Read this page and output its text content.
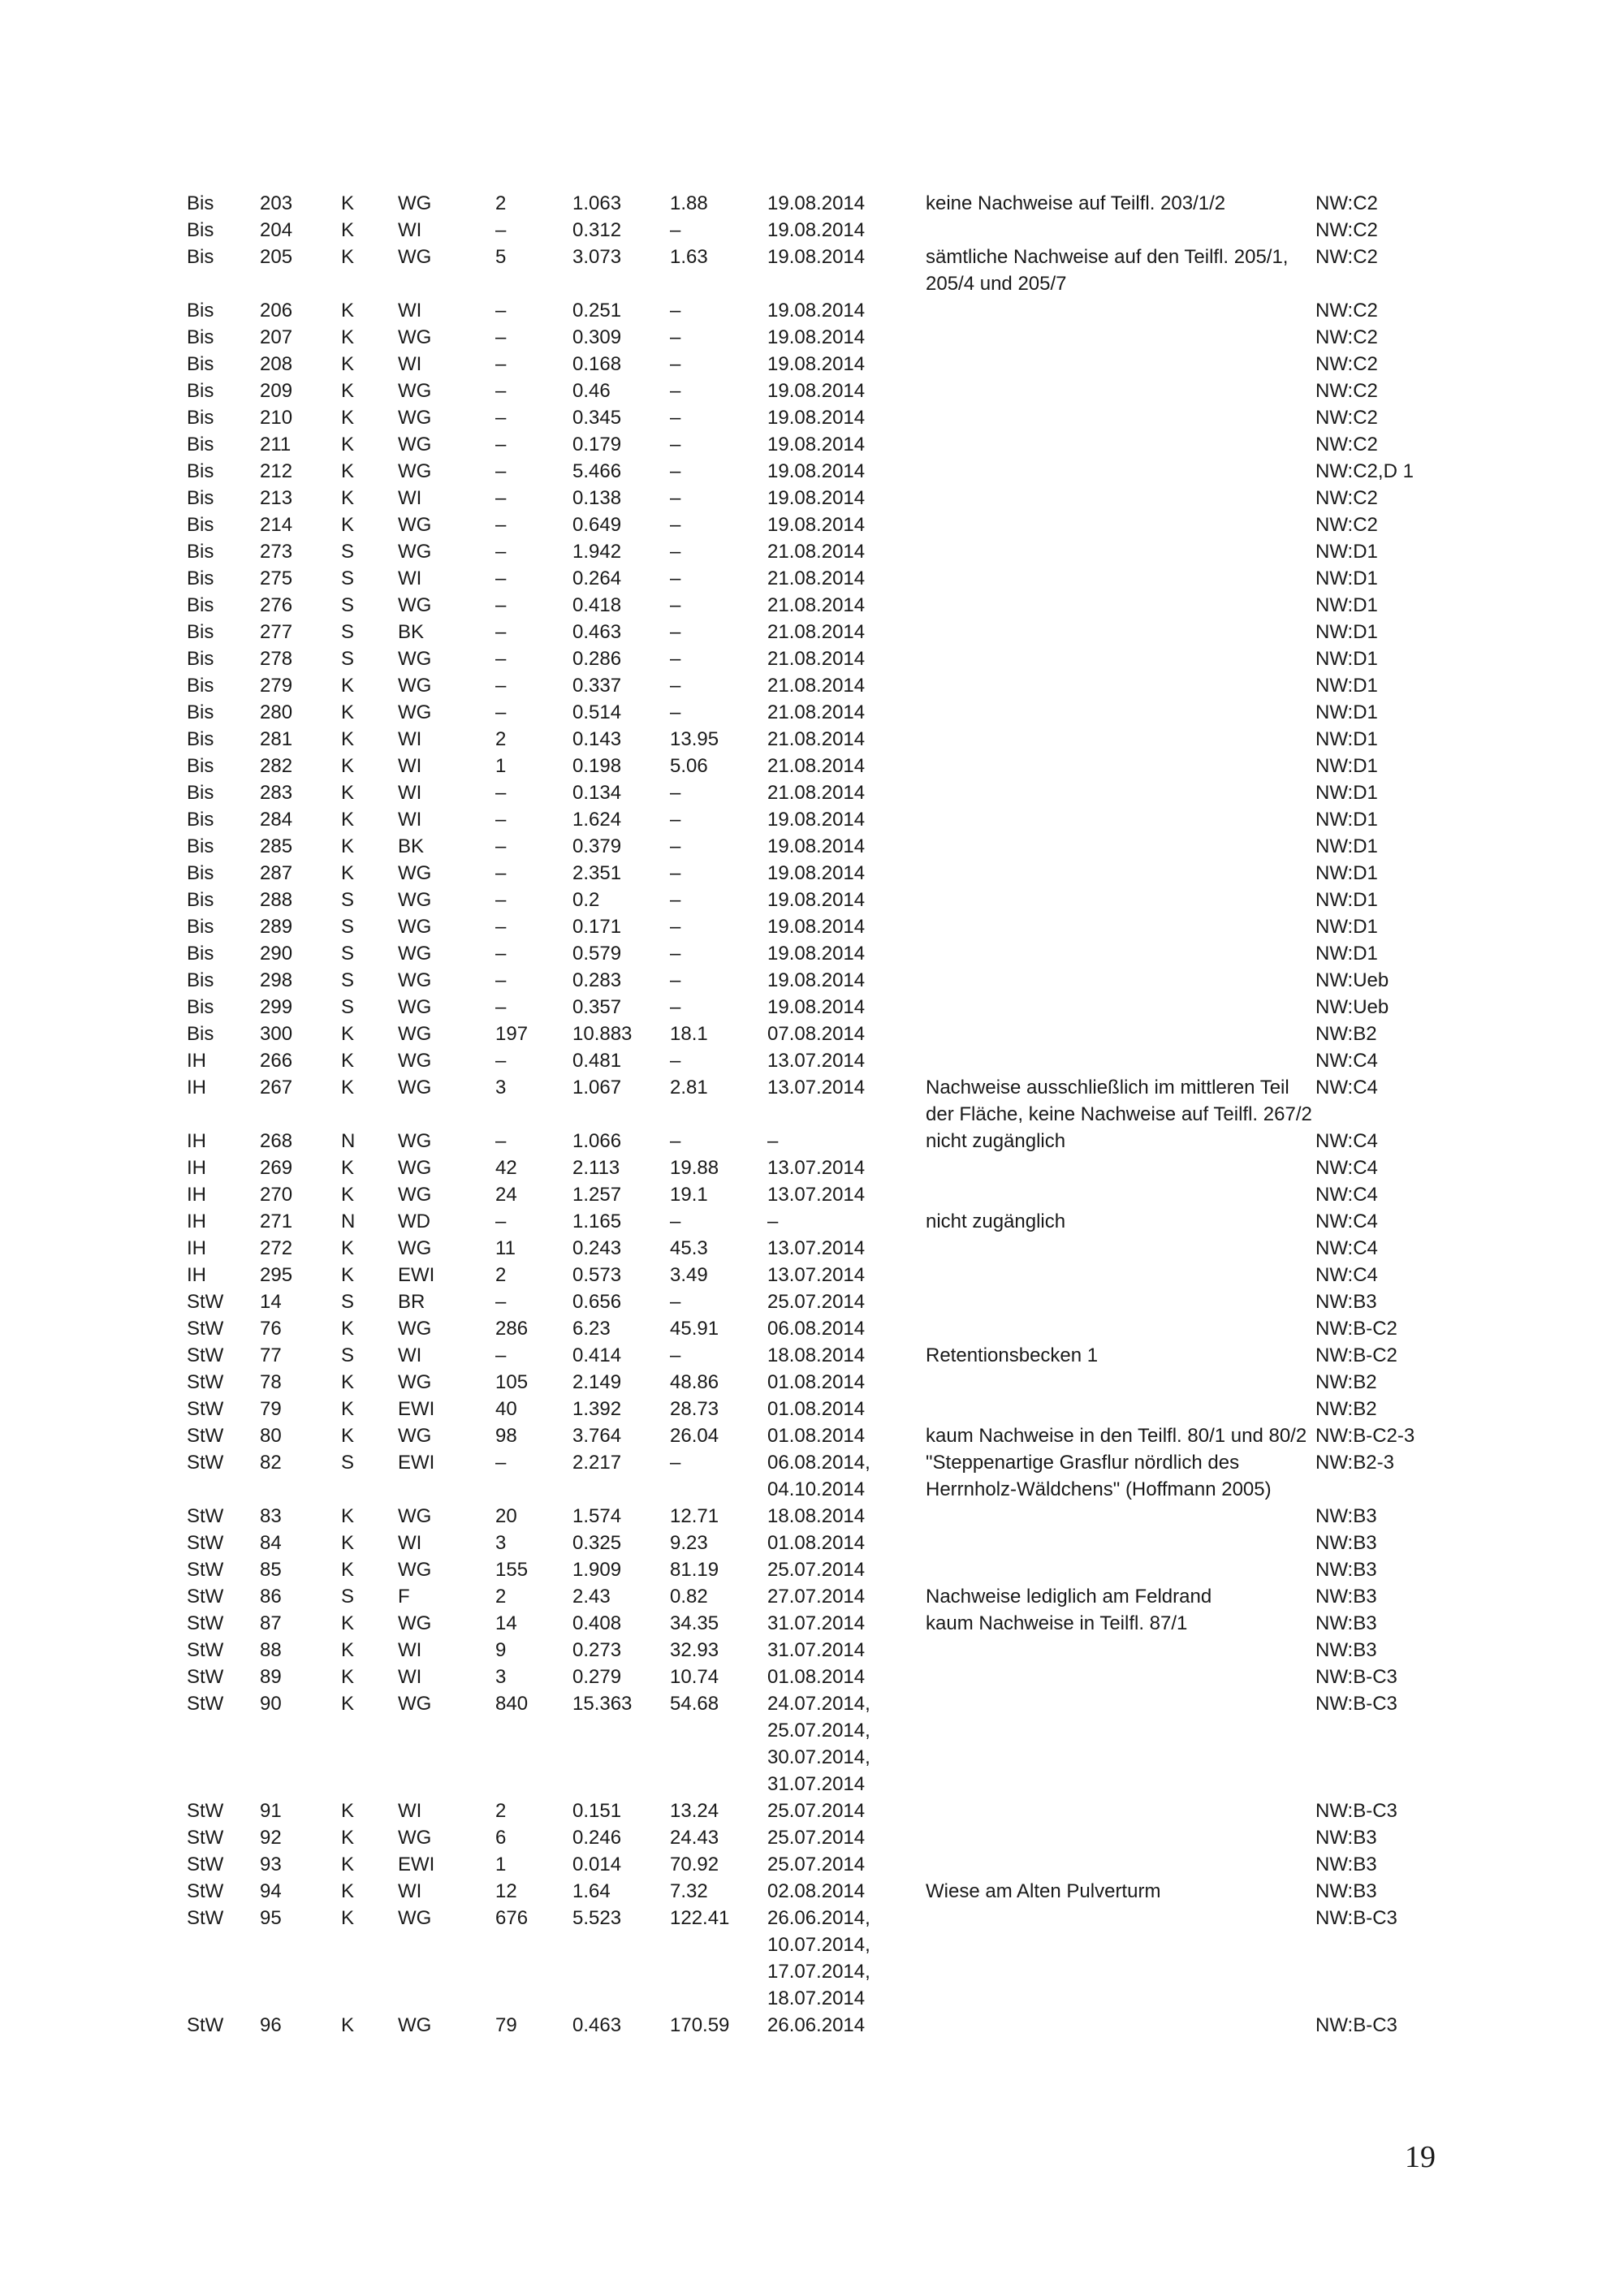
Bis	203	K	WG	2	1.063	1.88	19.08.2014	keine Nachweise auf Teilfl. 203/1/2	NW:C2
Bis	204	K	WI	–	0.312	–	19.08.2014		NW:C2
Bis	205	K	WG	5	3.073	1.63	19.08.2014	sämtliche Nachweise auf den Teilfl. 205/1, 205/4 und 205/7	NW:C2
Bis	206	K	WI	–	0.251	–	19.08.2014		NW:C2
Bis	207	K	WG	–	0.309	–	19.08.2014		NW:C2
Bis	208	K	WI	–	0.168	–	19.08.2014		NW:C2
Bis	209	K	WG	–	0.46	–	19.08.2014		NW:C2
Bis	210	K	WG	–	0.345	–	19.08.2014		NW:C2
Bis	211	K	WG	–	0.179	–	19.08.2014		NW:C2
Bis	212	K	WG	–	5.466	–	19.08.2014		NW:C2,D 1
Bis	213	K	WI	–	0.138	–	19.08.2014		NW:C2
Bis	214	K	WG	–	0.649	–	19.08.2014		NW:C2
Bis	273	S	WG	–	1.942	–	21.08.2014		NW:D1
Bis	275	S	WI	–	0.264	–	21.08.2014		NW:D1
Bis	276	S	WG	–	0.418	–	21.08.2014		NW:D1
Bis	277	S	BK	–	0.463	–	21.08.2014		NW:D1
Bis	278	S	WG	–	0.286	–	21.08.2014		NW:D1
Bis	279	K	WG	–	0.337	–	21.08.2014		NW:D1
Bis	280	K	WG	–	0.514	–	21.08.2014		NW:D1
Bis	281	K	WI	2	0.143	13.95	21.08.2014		NW:D1
Bis	282	K	WI	1	0.198	5.06	21.08.2014		NW:D1
Bis	283	K	WI	–	0.134	–	21.08.2014		NW:D1
Bis	284	K	WI	–	1.624	–	19.08.2014		NW:D1
Bis	285	K	BK	–	0.379	–	19.08.2014		NW:D1
Bis	287	K	WG	–	2.351	–	19.08.2014		NW:D1
Bis	288	S	WG	–	0.2	–	19.08.2014		NW:D1
Bis	289	S	WG	–	0.171	–	19.08.2014		NW:D1
Bis	290	S	WG	–	0.579	–	19.08.2014		NW:D1
Bis	298	S	WG	–	0.283	–	19.08.2014		NW:Ueb
Bis	299	S	WG	–	0.357	–	19.08.2014		NW:Ueb
Bis	300	K	WG	197	10.883	18.1	07.08.2014		NW:B2
IH	266	K	WG	–	0.481	–	13.07.2014		NW:C4
IH	267	K	WG	3	1.067	2.81	13.07.2014	Nachweise ausschließlich im mittleren Teil der Fläche, keine Nachweise auf Teilfl. 267/2	NW:C4
IH	268	N	WG	–	1.066	–	–	nicht zugänglich	NW:C4
IH	269	K	WG	42	2.113	19.88	13.07.2014		NW:C4
IH	270	K	WG	24	1.257	19.1	13.07.2014		NW:C4
IH	271	N	WD	–	1.165	–	–	nicht zugänglich	NW:C4
IH	272	K	WG	11	0.243	45.3	13.07.2014		NW:C4
IH	295	K	EWI	2	0.573	3.49	13.07.2014		NW:C4
StW	14	S	BR	–	0.656	–	25.07.2014		NW:B3
StW	76	K	WG	286	6.23	45.91	06.08.2014		NW:B-C2
StW	77	S	WI	–	0.414	–	18.08.2014	Retentionsbecken 1	NW:B-C2
StW	78	K	WG	105	2.149	48.86	01.08.2014		NW:B2
StW	79	K	EWI	40	1.392	28.73	01.08.2014		NW:B2
StW	80	K	WG	98	3.764	26.04	01.08.2014	kaum Nachweise in den Teilfl. 80/1 und 80/2	NW:B-C2-3
StW	82	S	EWI	–	2.217	–	06.08.2014, 04.10.2014	"Steppenartige Grasflur nördlich des Herrnholz-Wäldchens" (Hoffmann 2005)	NW:B2-3
StW	83	K	WG	20	1.574	12.71	18.08.2014		NW:B3
StW	84	K	WI	3	0.325	9.23	01.08.2014		NW:B3
StW	85	K	WG	155	1.909	81.19	25.07.2014		NW:B3
StW	86	S	F	2	2.43	0.82	27.07.2014	Nachweise lediglich am Feldrand	NW:B3
StW	87	K	WG	14	0.408	34.35	31.07.2014	kaum Nachweise in Teilfl. 87/1	NW:B3
StW	88	K	WI	9	0.273	32.93	31.07.2014		NW:B3
StW	89	K	WI	3	0.279	10.74	01.08.2014		NW:B-C3
StW	90	K	WG	840	15.363	54.68	24.07.2014, 25.07.2014, 30.07.2014, 31.07.2014		NW:B-C3
StW	91	K	WI	2	0.151	13.24	25.07.2014		NW:B-C3
StW	92	K	WG	6	0.246	24.43	25.07.2014		NW:B3
StW	93	K	EWI	1	0.014	70.92	25.07.2014		NW:B3
StW	94	K	WI	12	1.64	7.32	02.08.2014	Wiese am Alten Pulverturm	NW:B3
StW	95	K	WG	676	5.523	122.41	26.06.2014, 10.07.2014, 17.07.2014, 18.07.2014		NW:B-C3
StW	96	K	WG	79	0.463	170.59	26.06.2014		NW:B-C3
19
